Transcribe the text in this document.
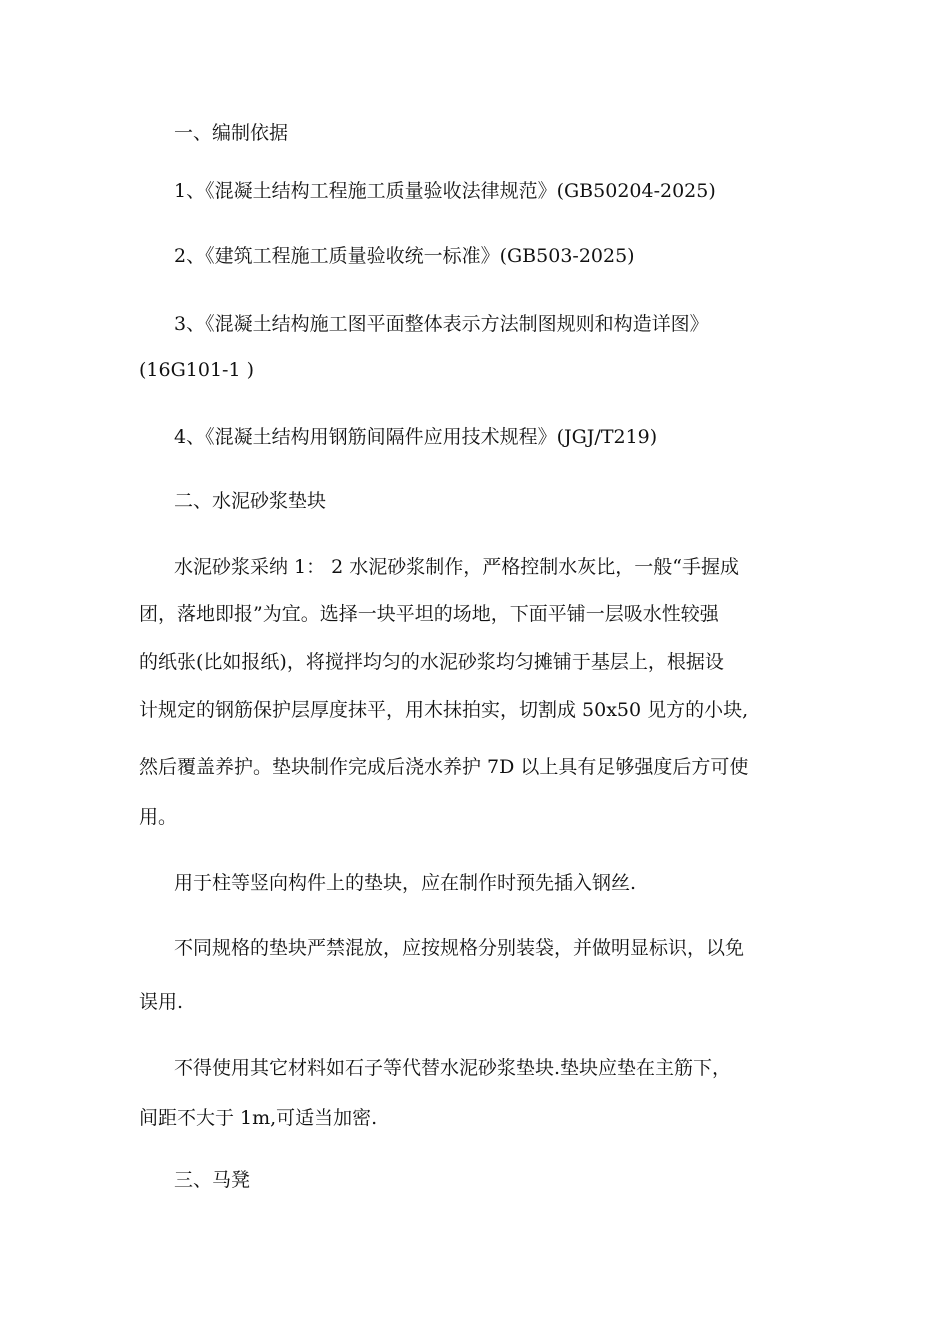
一、编制依据
1、《混凝土结构工程施工质量验收法律规范》(GB50204-2025)
2、《建筑工程施工质量验收统一标准》(GB503-2025)
3、《混凝土结构施工图平面整体表示方法制图规则和构造详图》
(16G101-1 )
4、《混凝土结构用钢筋间隔件应用技术规程》(JGJ/T219)
二、水泥砂浆垫块
水泥砂浆采纳 1： 2 水泥砂浆制作，严格控制水灰比，一般“手握成
团，落地即报”为宜。选择一块平坦的场地，下面平铺一层吸水性较强
的纸张(比如报纸)，将搅拌均匀的水泥砂浆均匀摊铺于基层上，根据设
计规定的钢筋保护层厚度抹平，用木抹拍实，切割成 50x50 见方的小块,
然后覆盖养护。垫块制作完成后浇水养护 7D 以上具有足够强度后方可使
用。
用于柱等竖向构件上的垫块，应在制作时预先插入钢丝.
不同规格的垫块严禁混放，应按规格分别装袋，并做明显标识，以免
误用.
不得使用其它材料如石子等代替水泥砂浆垫块.垫块应垫在主筋下，
间距不大于 1m,可适当加密.
三、马凳
